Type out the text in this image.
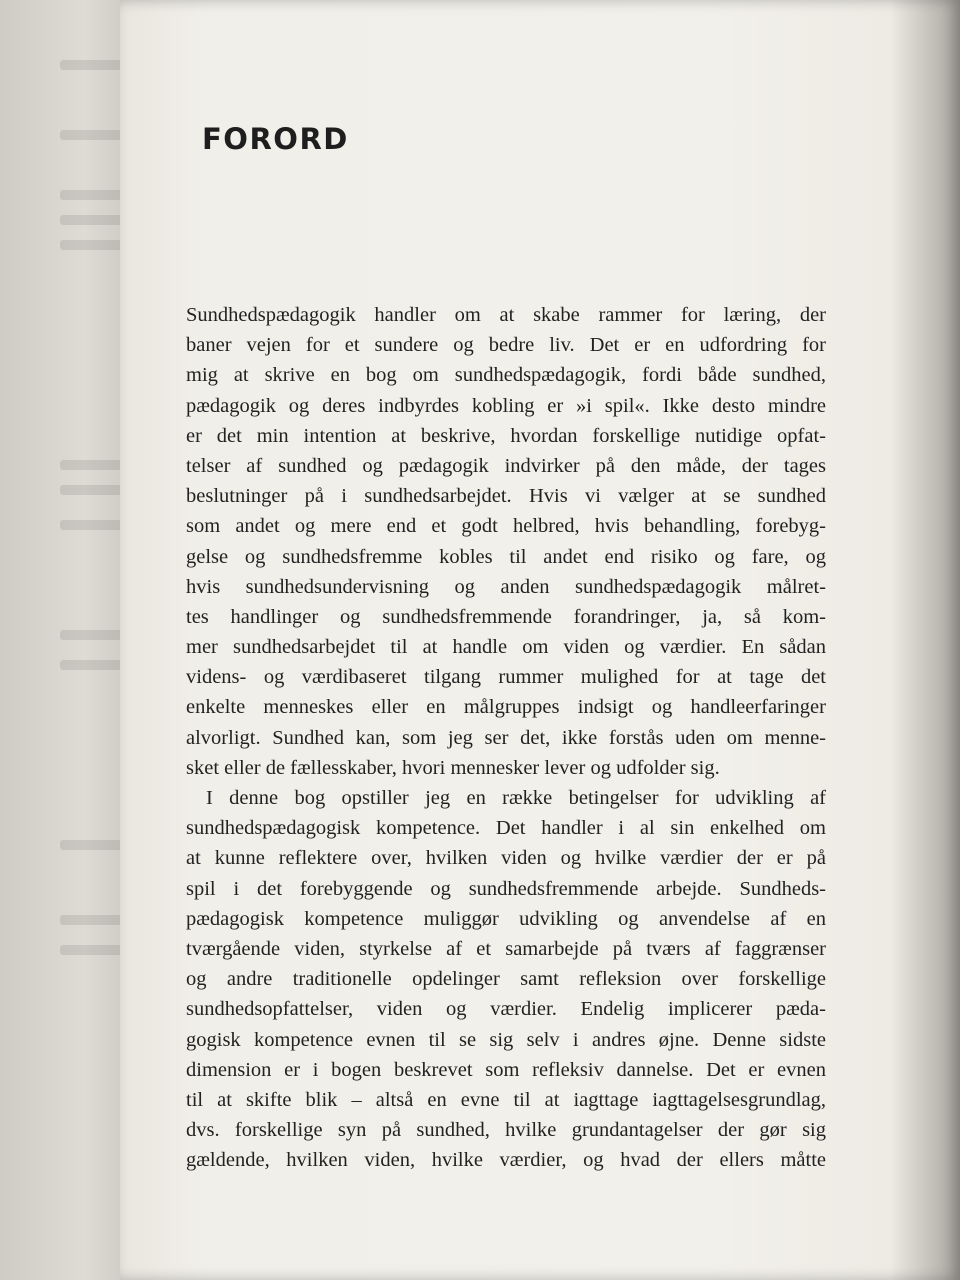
FORORD
Sundhedspædagogik handler om at skabe rammer for læring, der
baner vejen for et sundere og bedre liv. Det er en udfordring for
mig at skrive en bog om sundhedspædagogik, fordi både sundhed,
pædagogik og deres indbyrdes kobling er »i spil«. Ikke desto mindre
er det min intention at beskrive, hvordan forskellige nutidige opfat-
telser af sundhed og pædagogik indvirker på den måde, der tages
beslutninger på i sundhedsarbejdet. Hvis vi vælger at se sundhed
som andet og mere end et godt helbred, hvis behandling, forebyg-
gelse og sundhedsfremme kobles til andet end risiko og fare, og
hvis sundhedsundervisning og anden sundhedspædagogik målret-
tes handlinger og sundhedsfremmende forandringer, ja, så kom-
mer sundhedsarbejdet til at handle om viden og værdier. En sådan
videns- og værdibaseret tilgang rummer mulighed for at tage det
enkelte menneskes eller en målgruppes indsigt og handleerfaringer
alvorligt. Sundhed kan, som jeg ser det, ikke forstås uden om menne-
sket eller de fællesskaber, hvori mennesker lever og udfolder sig.
I denne bog opstiller jeg en række betingelser for udvikling af
sundhedspædagogisk kompetence. Det handler i al sin enkelhed om
at kunne reflektere over, hvilken viden og hvilke værdier der er på
spil i det forebyggende og sundhedsfremmende arbejde. Sundheds-
pædagogisk kompetence muliggør udvikling og anvendelse af en
tværgående viden, styrkelse af et samarbejde på tværs af faggrænser
og andre traditionelle opdelinger samt refleksion over forskellige
sundhedsopfattelser, viden og værdier. Endelig implicerer pæda-
gogisk kompetence evnen til se sig selv i andres øjne. Denne sidste
dimension er i bogen beskrevet som refleksiv dannelse. Det er evnen
til at skifte blik – altså en evne til at iagttage iagttagelsesgrundlag,
dvs. forskellige syn på sundhed, hvilke grundantagelser der gør sig
gældende, hvilken viden, hvilke værdier, og hvad der ellers måtte
